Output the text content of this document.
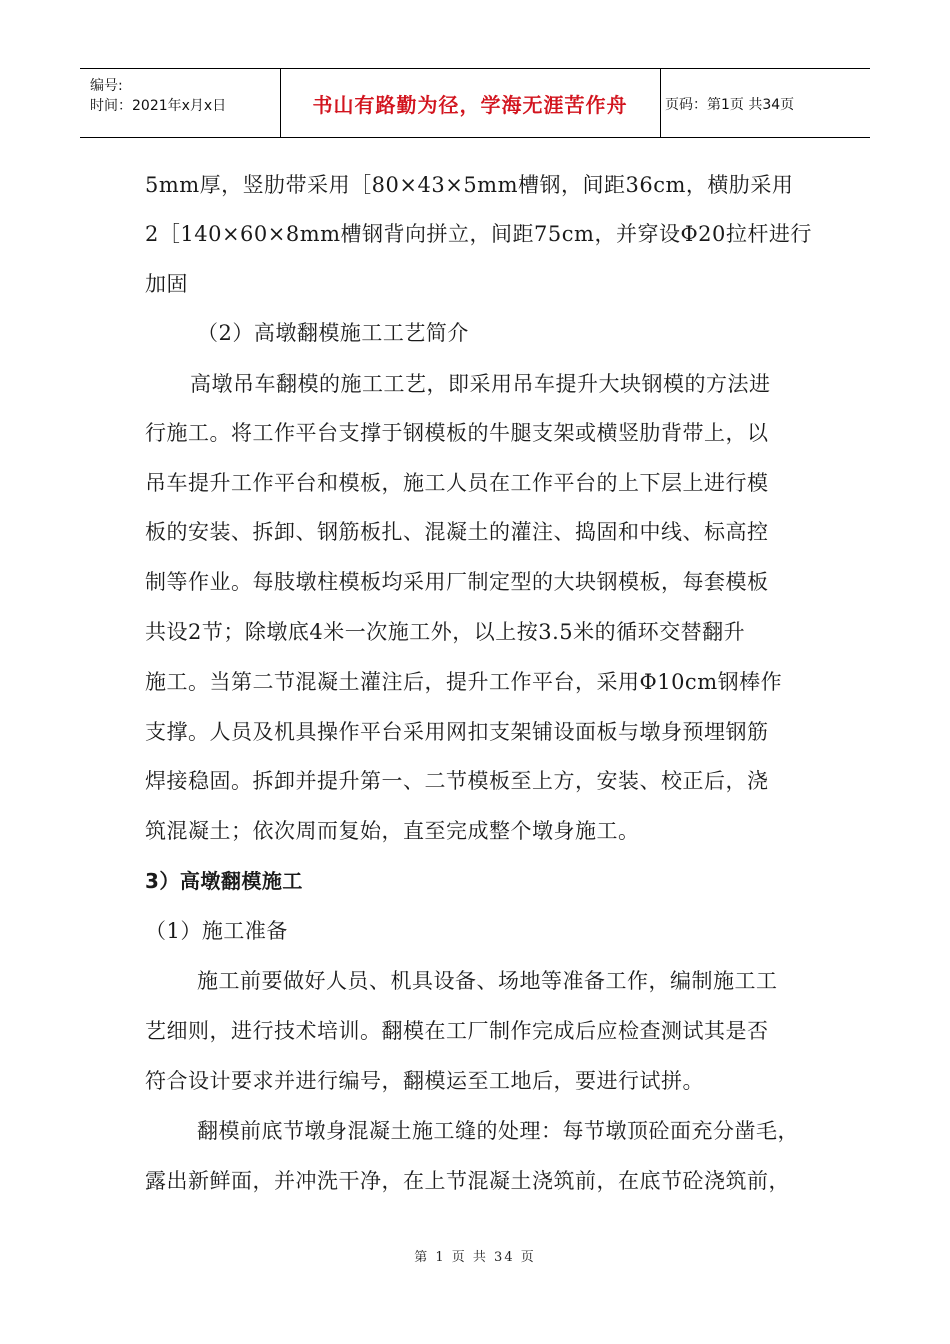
编号:
时间：2021年x月x日	书山有路勤为径，学海无涯苦作舟	页码：第1页 共34页
5mm厚，竖肋带采用［80×43×5mm槽钢，间距36cm，横肋采用
2［140×60×8mm槽钢背向拼立，间距75cm，并穿设Φ20拉杆进行
加固
（2）高墩翻模施工工艺简介
高墩吊车翻模的施工工艺，即采用吊车提升大块钢模的方法进
行施工。将工作平台支撑于钢模板的牛腿支架或横竖肋背带上，以
吊车提升工作平台和模板，施工人员在工作平台的上下层上进行模
板的安装、拆卸、钢筋板扎、混凝土的灌注、捣固和中线、标高控
制等作业。每肢墩柱模板均采用厂制定型的大块钢模板，每套模板
共设2节；除墩底4米一次施工外，以上按3.5米的循环交替翻升
施工。当第二节混凝土灌注后，提升工作平台，采用Φ10cm钢棒作
支撑。人员及机具操作平台采用网扣支架铺设面板与墩身预埋钢筋
焊接稳固。拆卸并提升第一、二节模板至上方，安装、校正后，浇
筑混凝土；依次周而复始，直至完成整个墩身施工。
3）高墩翻模施工
（1）施工准备
施工前要做好人员、机具设备、场地等准备工作，编制施工工
艺细则，进行技术培训。翻模在工厂制作完成后应检查测试其是否
符合设计要求并进行编号，翻模运至工地后，要进行试拼。
翻模前底节墩身混凝土施工缝的处理：每节墩顶砼面充分凿毛，
露出新鲜面，并冲洗干净，在上节混凝土浇筑前，在底节砼浇筑前，
第 1 页 共 34 页
